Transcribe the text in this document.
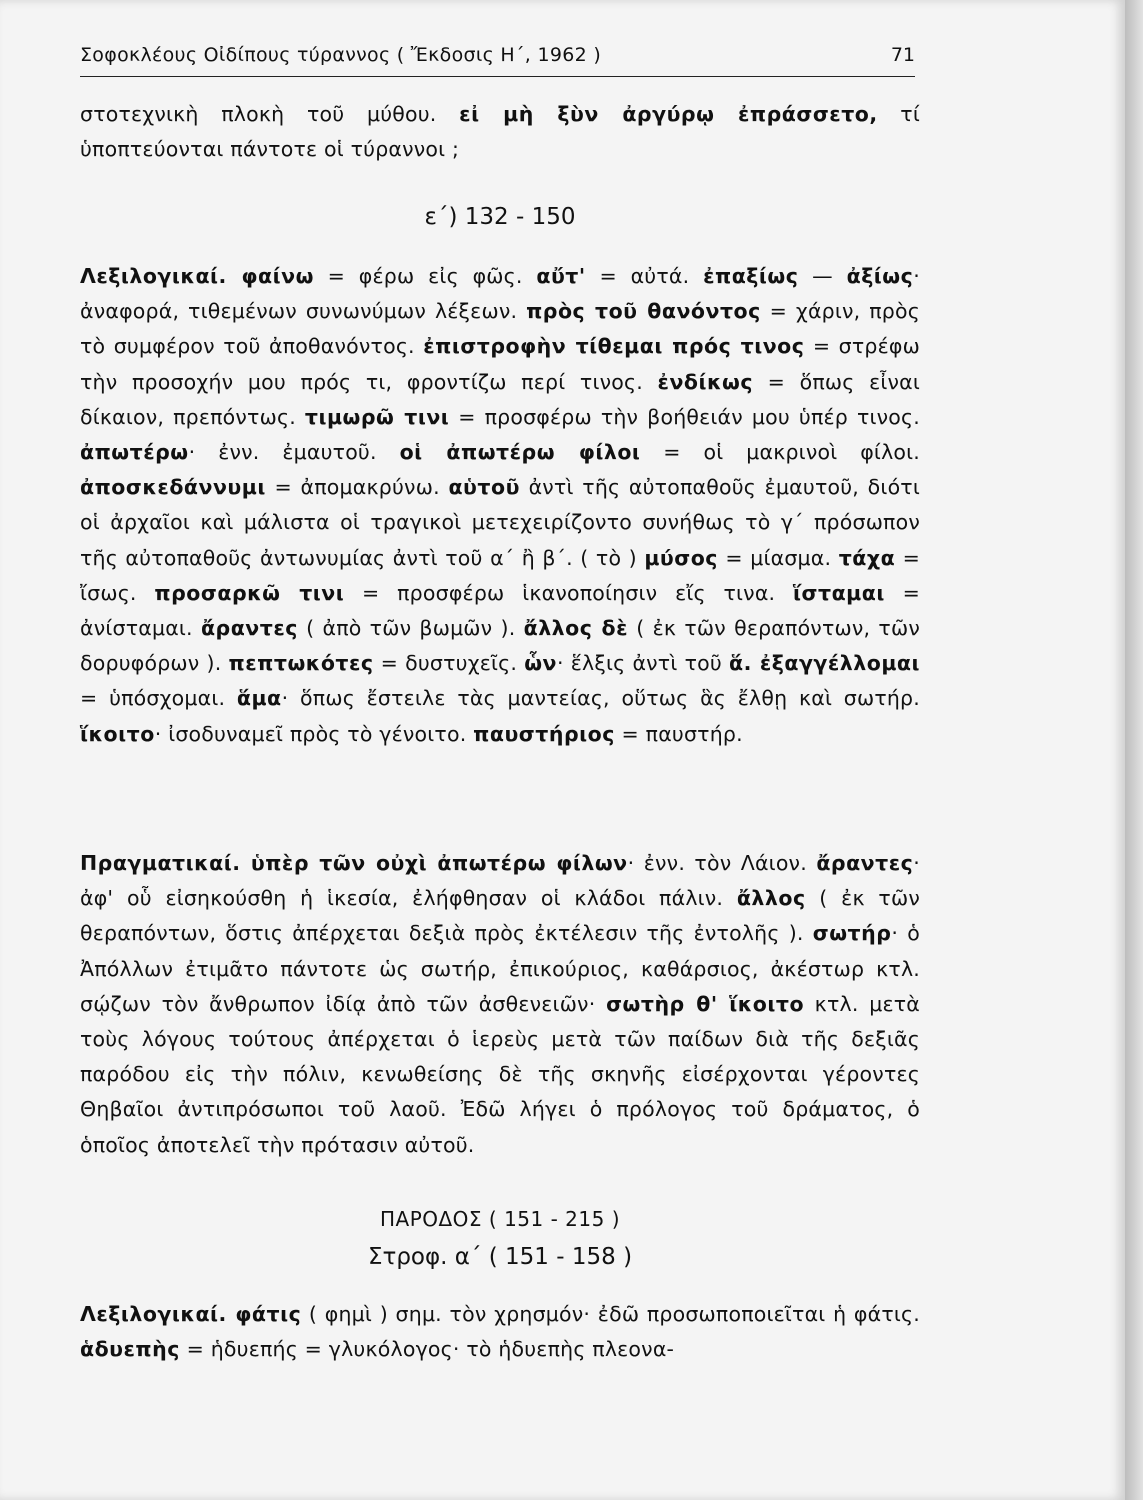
Σοφοκλέους Οἰδίπους τύραννος ( Ἔκδοσις Η΄, 1962 )	71

στοτεχνικὴ πλοκὴ τοῦ μύθου. εἰ μὴ ξὺν ἀργύρῳ ἐπράσσετο, τί ὑποπτεύονται πάντοτε οἱ τύραννοι ;

ε΄) 132 - 150

Λεξιλογικαί. φαίνω = φέρω εἰς φῶς. αὔτ' = αὐτά. ἐπαξίως — ἀξίως· ἀναφορά, τιθεμένων συνωνύμων λέξεων. πρὸς τοῦ θανόντος = χάριν, πρὸς τὸ συμφέρον τοῦ ἀποθανόντος. ἐπιστροφὴν τίθεμαι πρός τινος = στρέφω τὴν προσοχήν μου πρός τι, φροντίζω περί τινος. ἐνδίκως = ὅπως εἶναι δίκαιον, πρεπόντως. τιμωρῶ τινι = προσφέρω τὴν βοήθειάν μου ὑπέρ τινος. ἀπωτέρω· ἐνν. ἐμαυτοῦ. οἱ ἀπωτέρω φίλοι = οἱ μακρινοὶ φίλοι. ἀποσκεδάννυμι = ἀπομακρύνω. αὑτοῦ ἀντὶ τῆς αὐτοπαθοῦς ἐμαυτοῦ, διότι οἱ ἀρχαῖοι καὶ μάλιστα οἱ τραγικοὶ μετεχειρίζοντο συνήθως τὸ γ΄ πρόσωπον τῆς αὐτοπαθοῦς ἀντωνυμίας ἀντὶ τοῦ α΄ ἢ β΄. ( τὸ ) μύσος = μίασμα. τάχα = ἴσως. προσαρκῶ τινι = προσφέρω ἱκανοποίησιν εἴς τινα. ἵσταμαι = ἀνίσταμαι. ἄραντες ( ἀπὸ τῶν βωμῶν ). ἄλλος δὲ ( ἐκ τῶν θεραπόντων, τῶν δορυφόρων ). πεπτωκότες = δυστυχεῖς. ὧν· ἕλξις ἀντὶ τοῦ ἅ. ἐξαγγέλλομαι = ὑπόσχομαι. ἅμα· ὅπως ἔστειλε τὰς μαντείας, οὕτως ἃς ἔλθῃ καὶ σωτήρ. ἵκοιτο· ἰσοδυναμεῖ πρὸς τὸ γένοιτο. παυστήριος = παυστήρ.

Πραγματικαί. ὑπὲρ τῶν οὐχὶ ἀπωτέρω φίλων· ἐνν. τὸν Λάιον. ἄραντες· ἀφ' οὗ εἰσηκούσθη ἡ ἱκεσία, ἐλήφθησαν οἱ κλάδοι πάλιν. ἄλλος ( ἐκ τῶν θεραπόντων, ὅστις ἀπέρχεται δεξιὰ πρὸς ἐκτέλεσιν τῆς ἐντολῆς ). σωτήρ· ὁ Ἀπόλλων ἐτιμᾶτο πάντοτε ὡς σωτήρ, ἐπικούριος, καθάρσιος, ἀκέστωρ κτλ. σῴζων τὸν ἄνθρωπον ἰδίᾳ ἀπὸ τῶν ἀσθενειῶν· σωτὴρ θ' ἵκοιτο κτλ. μετὰ τοὺς λόγους τούτους ἀπέρχεται ὁ ἱερεὺς μετὰ τῶν παίδων διὰ τῆς δεξιᾶς παρόδου εἰς τὴν πόλιν, κενωθείσης δὲ τῆς σκηνῆς εἰσέρχονται γέροντες Θηβαῖοι ἀντιπρόσωποι τοῦ λαοῦ. Ἐδῶ λήγει ὁ πρόλογος τοῦ δράματος, ὁ ὁποῖος ἀποτελεῖ τὴν πρότασιν αὐτοῦ.

ΠΑΡΟΔΟΣ ( 151 - 215 )
Στροφ. α΄ ( 151 - 158 )

Λεξιλογικαί. φάτις ( φημὶ ) σημ. τὸν χρησμόν· ἐδῶ προσωποποιεῖται ἡ φάτις. ἁδυεπὴς = ἡδυεπής = γλυκόλογος· τὸ ἡδυεπὴς πλεονα-
